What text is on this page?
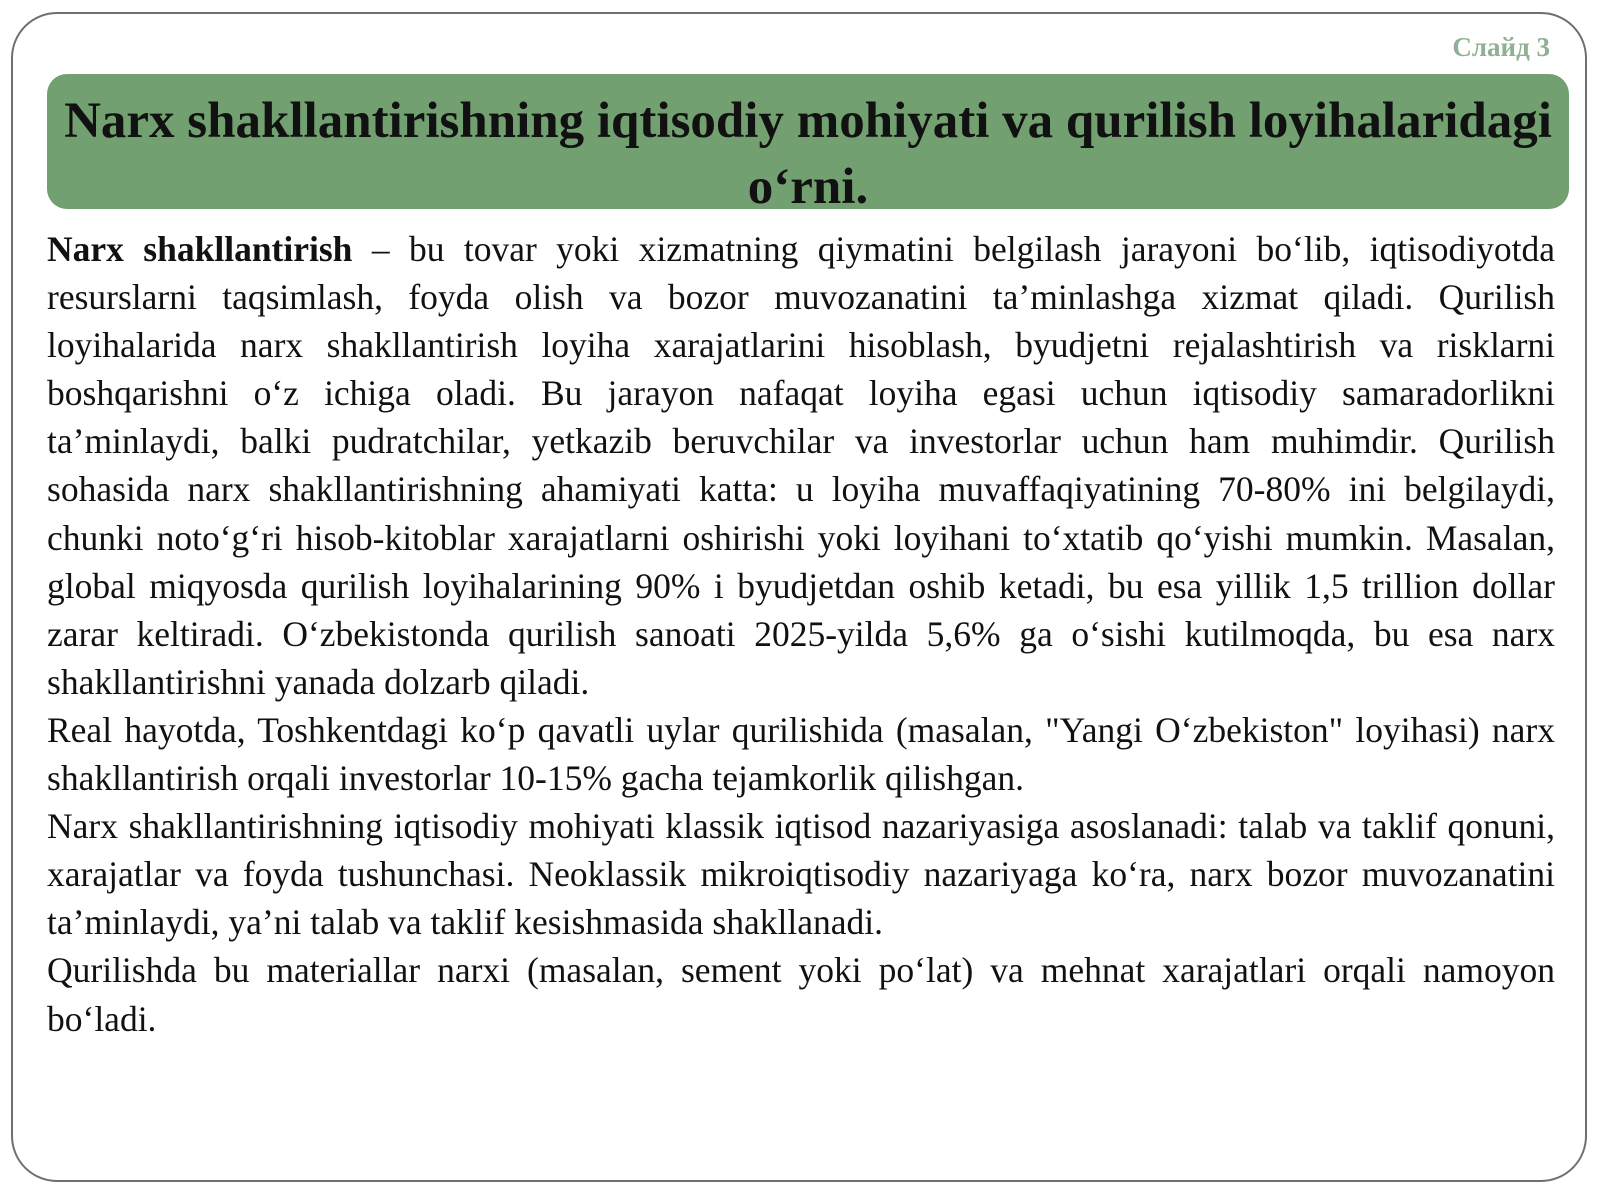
Слайд 3
Narx shakllantirishning iqtisodiy mohiyati va qurilish loyihalaridagi o‘rni.

Narx shakllantirish – bu tovar yoki xizmatning qiymatini belgilash jarayoni bo‘lib, iqtisodiyotda resurslarni taqsimlash, foyda olish va bozor muvozanatini ta’minlashga xizmat qiladi. Qurilish loyihalarida narx shakllantirish loyiha xarajatlarini hisoblash, byudjetni rejalashtirish va risklarni boshqarishni o‘z ichiga oladi. Bu jarayon nafaqat loyiha egasi uchun iqtisodiy samaradorlikni ta’minlaydi, balki pudratchilar, yetkazib beruvchilar va investorlar uchun ham muhimdir. Qurilish sohasida narx shakllantirishning ahamiyati katta: u loyiha muvaffaqiyatining 70-80% ini belgilaydi, chunki noto‘g‘ri hisob-kitoblar xarajatlarni oshirishi yoki loyihani to‘xtatib qo‘yishi mumkin. Masalan, global miqyosda qurilish loyihalarining 90% i byudjetdan oshib ketadi, bu esa yillik 1,5 trillion dollar zarar keltiradi. O‘zbekistonda qurilish sanoati 2025-yilda 5,6% ga o‘sishi kutilmoqda, bu esa narx shakllantirishni yanada dolzarb qiladi.

Real hayotda, Toshkentdagi ko‘p qavatli uylar qurilishida (masalan, "Yangi O‘zbekiston" loyihasi) narx shakllantirish orqali investorlar 10-15% gacha tejamkorlik qilishgan.

Narx shakllantirishning iqtisodiy mohiyati klassik iqtisod nazariyasiga asoslanadi: talab va taklif qonuni, xarajatlar va foyda tushunchasi. Neoklassik mikroiqtisodiy nazariyaga ko‘ra, narx bozor muvozanatini ta’minlaydi, ya’ni talab va taklif kesishmasida shakllanadi.

Qurilishda bu materiallar narxi (masalan, sement yoki po‘lat) va mehnat xarajatlari orqali namoyon bo‘ladi.
